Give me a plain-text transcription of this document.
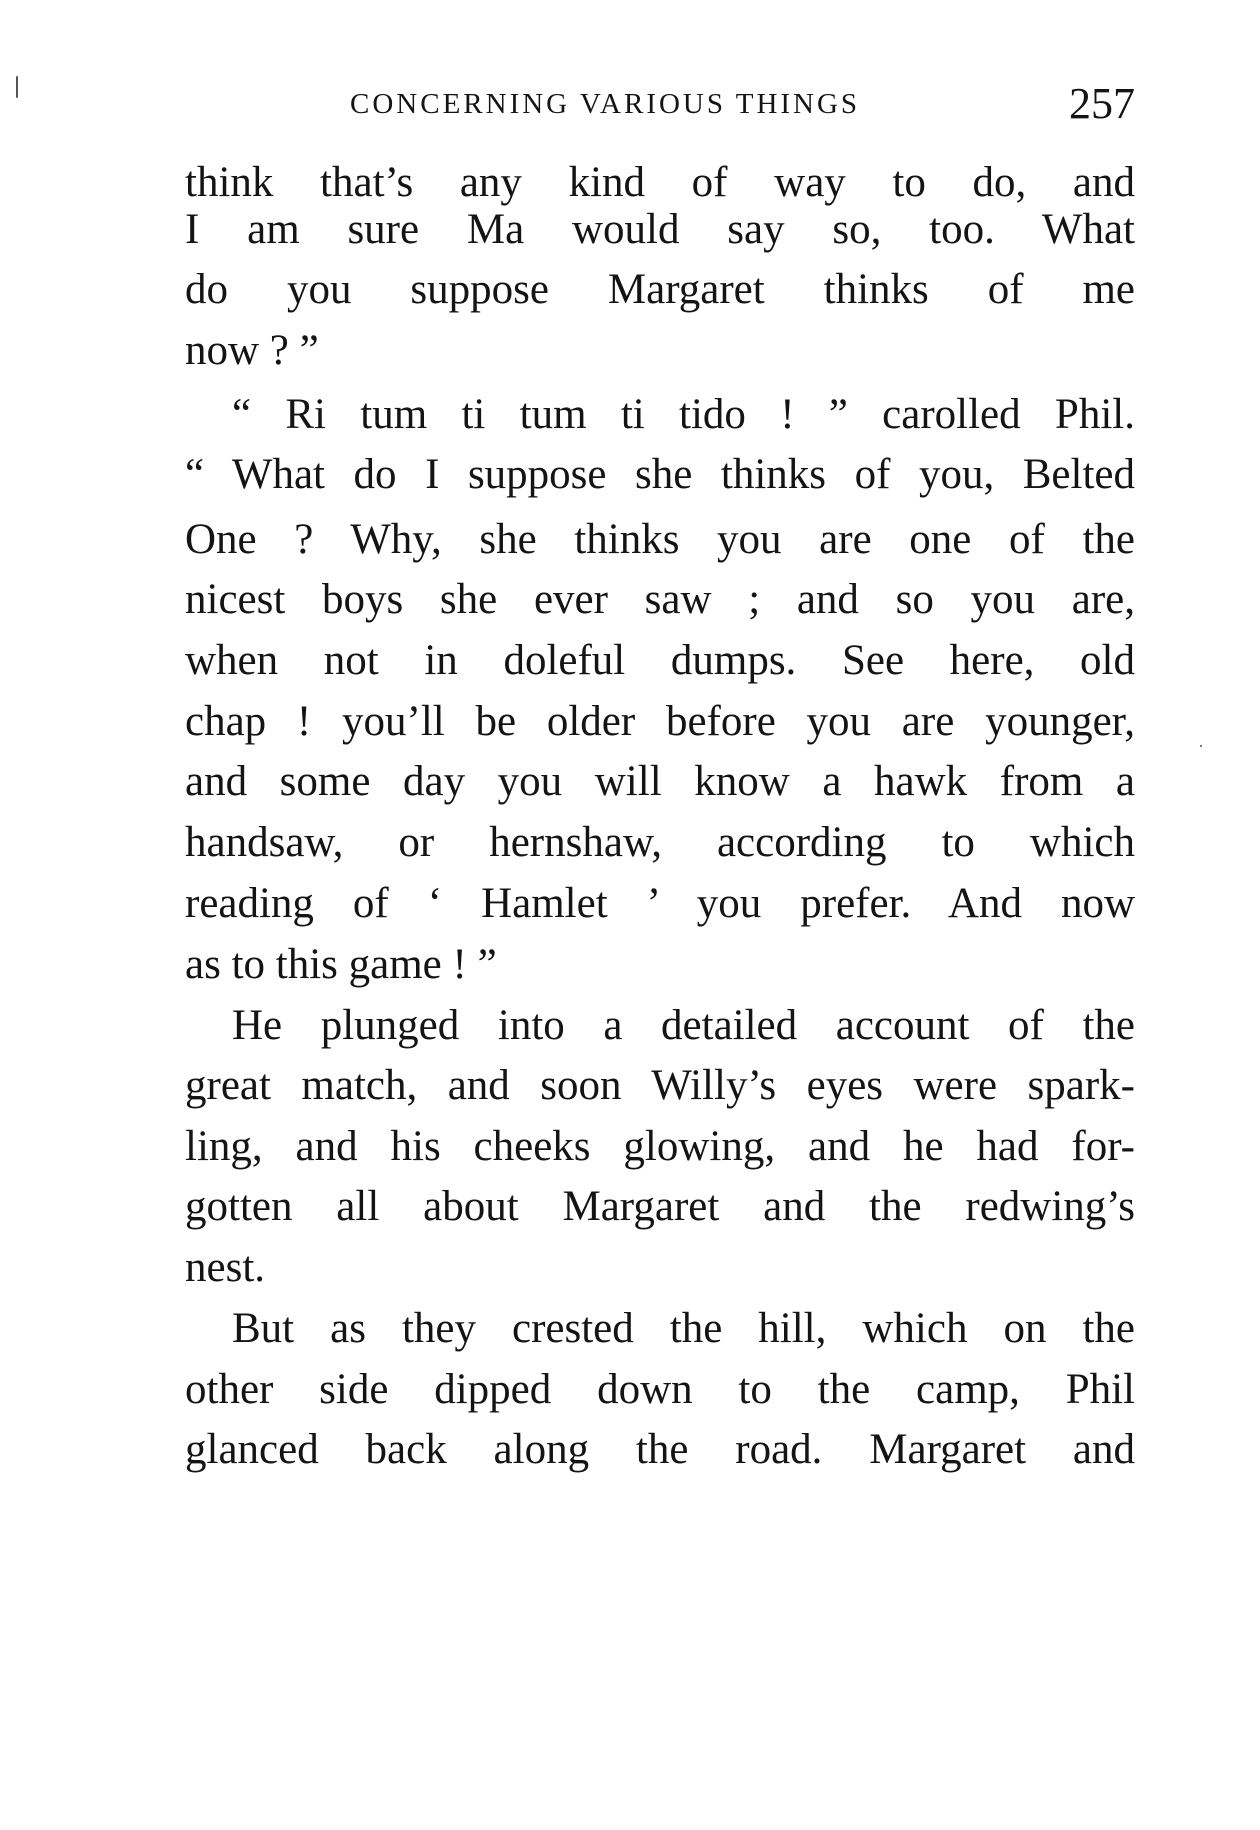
CONCERNING VARIOUS THINGS	257
think that’s any kind of way to do, and
I am sure Ma would say so, too. What
do you suppose Margaret thinks of me
now ? ”
“ Ri tum ti tum ti tido ! ” carolled Phil.
“ What do I suppose she thinks of you, Belted
One ? Why, she thinks you are one of the
nicest boys she ever saw ; and so you are,
when not in doleful dumps. See here, old
chap ! you’ll be older before you are younger,
and some day you will know a hawk from a
handsaw, or hernshaw, according to which
reading of ‘ Hamlet ’ you prefer. And now
as to this game ! ”
He plunged into a detailed account of the
great match, and soon Willy’s eyes were spark-
ling, and his cheeks glowing, and he had for-
gotten all about Margaret and the redwing’s
nest.
But as they crested the hill, which on the
other side dipped down to the camp, Phil
glanced back along the road. Margaret and
